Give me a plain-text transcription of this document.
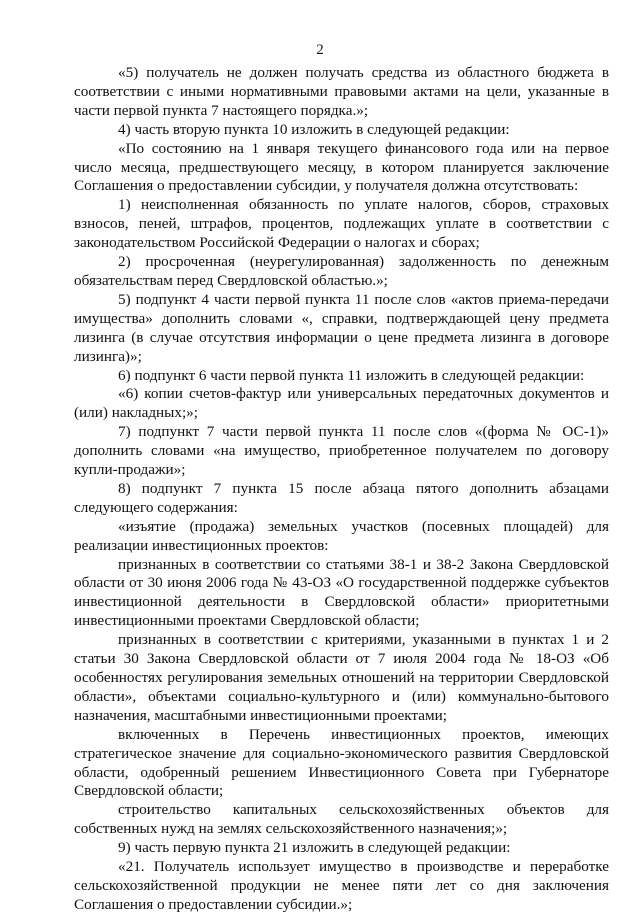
2

«5) получатель не должен получать средства из областного бюджета в соответствии с иными нормативными правовыми актами на цели, указанные в части первой пункта 7 настоящего порядка.»;

4) часть вторую пункта 10 изложить в следующей редакции:

«По состоянию на 1 января текущего финансового года или на первое число месяца, предшествующего месяцу, в котором планируется заключение Соглашения о предоставлении субсидии, у получателя должна отсутствовать:

1) неисполненная обязанность по уплате налогов, сборов, страховых взносов, пеней, штрафов, процентов, подлежащих уплате в соответствии с законодательством Российской Федерации о налогах и сборах;

2) просроченная (неурегулированная) задолженность по денежным обязательствам перед Свердловской областью.»;

5) подпункт 4 части первой пункта 11 после слов «актов приема-передачи имущества» дополнить словами «, справки, подтверждающей цену предмета лизинга (в случае отсутствия информации о цене предмета лизинга в договоре лизинга)»;

6) подпункт 6 части первой пункта 11 изложить в следующей редакции:

«6) копии счетов-фактур или универсальных передаточных документов и (или) накладных;»;

7) подпункт 7 части первой пункта 11 после слов «(форма № ОС-1)» дополнить словами «на имущество, приобретенное получателем по договору купли-продажи»;

8) подпункт 7 пункта 15 после абзаца пятого дополнить абзацами следующего содержания:

«изъятие (продажа) земельных участков (посевных площадей) для реализации инвестиционных проектов:

признанных в соответствии со статьями 38-1 и 38-2 Закона Свердловской области от 30 июня 2006 года № 43-ОЗ «О государственной поддержке субъектов инвестиционной деятельности в Свердловской области» приоритетными инвестиционными проектами Свердловской области;

признанных в соответствии с критериями, указанными в пунктах 1 и 2 статьи 30 Закона Свердловской области от 7 июля 2004 года № 18-ОЗ «Об особенностях регулирования земельных отношений на территории Свердловской области», объектами социально-культурного и (или) коммунально-бытового назначения, масштабными инвестиционными проектами;

включенных в Перечень инвестиционных проектов, имеющих стратегическое значение для социально-экономического развития Свердловской области, одобренный решением Инвестиционного Совета при Губернаторе Свердловской области;

строительство капитальных сельскохозяйственных объектов для собственных нужд на землях сельскохозяйственного назначения;»;

9) часть первую пункта 21 изложить в следующей редакции:

«21. Получатель использует имущество в производстве и переработке сельскохозяйственной продукции не менее пяти лет со дня заключения Соглашения о предоставлении субсидии.»;
